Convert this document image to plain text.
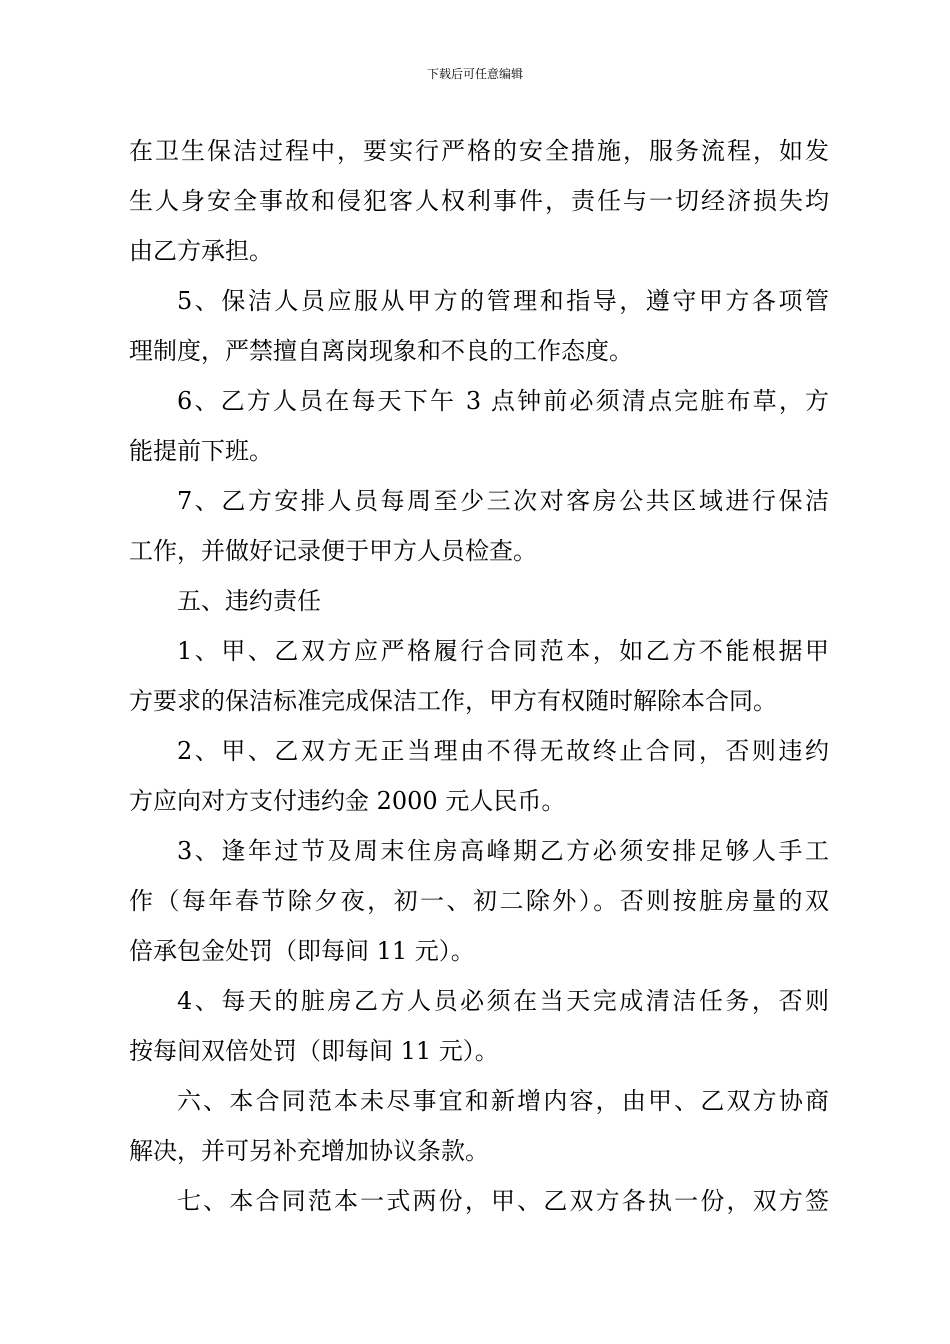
下载后可任意编辑
在卫生保洁过程中，要实行严格的安全措施，服务流程，如发
生人身安全事故和侵犯客人权利事件，责任与一切经济损失均
由乙方承担。
5、保洁人员应服从甲方的管理和指导，遵守甲方各项管
理制度，严禁擅自离岗现象和不良的工作态度。
6、乙方人员在每天下午 3 点钟前必须清点完脏布草，方
能提前下班。
7、乙方安排人员每周至少三次对客房公共区域进行保洁
工作，并做好记录便于甲方人员检查。
五、违约责任
1、甲、乙双方应严格履行合同范本，如乙方不能根据甲
方要求的保洁标准完成保洁工作，甲方有权随时解除本合同。
2、甲、乙双方无正当理由不得无故终止合同，否则违约
方应向对方支付违约金 2000 元人民币。
3、逢年过节及周末住房高峰期乙方必须安排足够人手工
作（每年春节除夕夜，初一、初二除外）。否则按脏房量的双
倍承包金处罚（即每间 11 元）。
4、每天的脏房乙方人员必须在当天完成清洁任务，否则
按每间双倍处罚（即每间 11 元）。
六、本合同范本未尽事宜和新增内容，由甲、乙双方协商
解决，并可另补充增加协议条款。
七、本合同范本一式两份，甲、乙双方各执一份，双方签
